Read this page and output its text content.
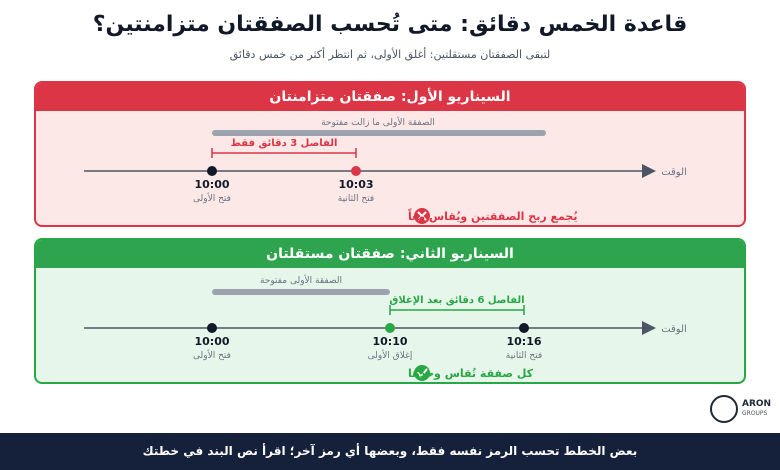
قاعدة الخمس دقائق: متى تُحسب الصفقتان متزامنتين؟
لتبقى الصفقتان مستقلتين: أغلق الأولى، ثم انتظر أكثر من خمس دقائق
السيناريو الأول: صفقتان متزامنتان
الصفقة الأولى ما زالت مفتوحة
الفاصل 3 دقائق فقط
الوقت
10:00
فتح الأولى
10:03
فتح الثانية
يُجمع ربح الصفقتين ويُقاس معاً
السيناريو الثاني: صفقتان مستقلتان
الصفقة الأولى مفتوحة
الفاصل 6 دقائق بعد الإغلاق
الوقت
10:00
فتح الأولى
10:10
إغلاق الأولى
10:16
فتح الثانية
كل صفقة تُقاس وحدها
ARON
GROUPS
بعض الخطط تحسب الرمز نفسه فقط، وبعضها أي رمز آخر؛ اقرأ نص البند في خطتك
